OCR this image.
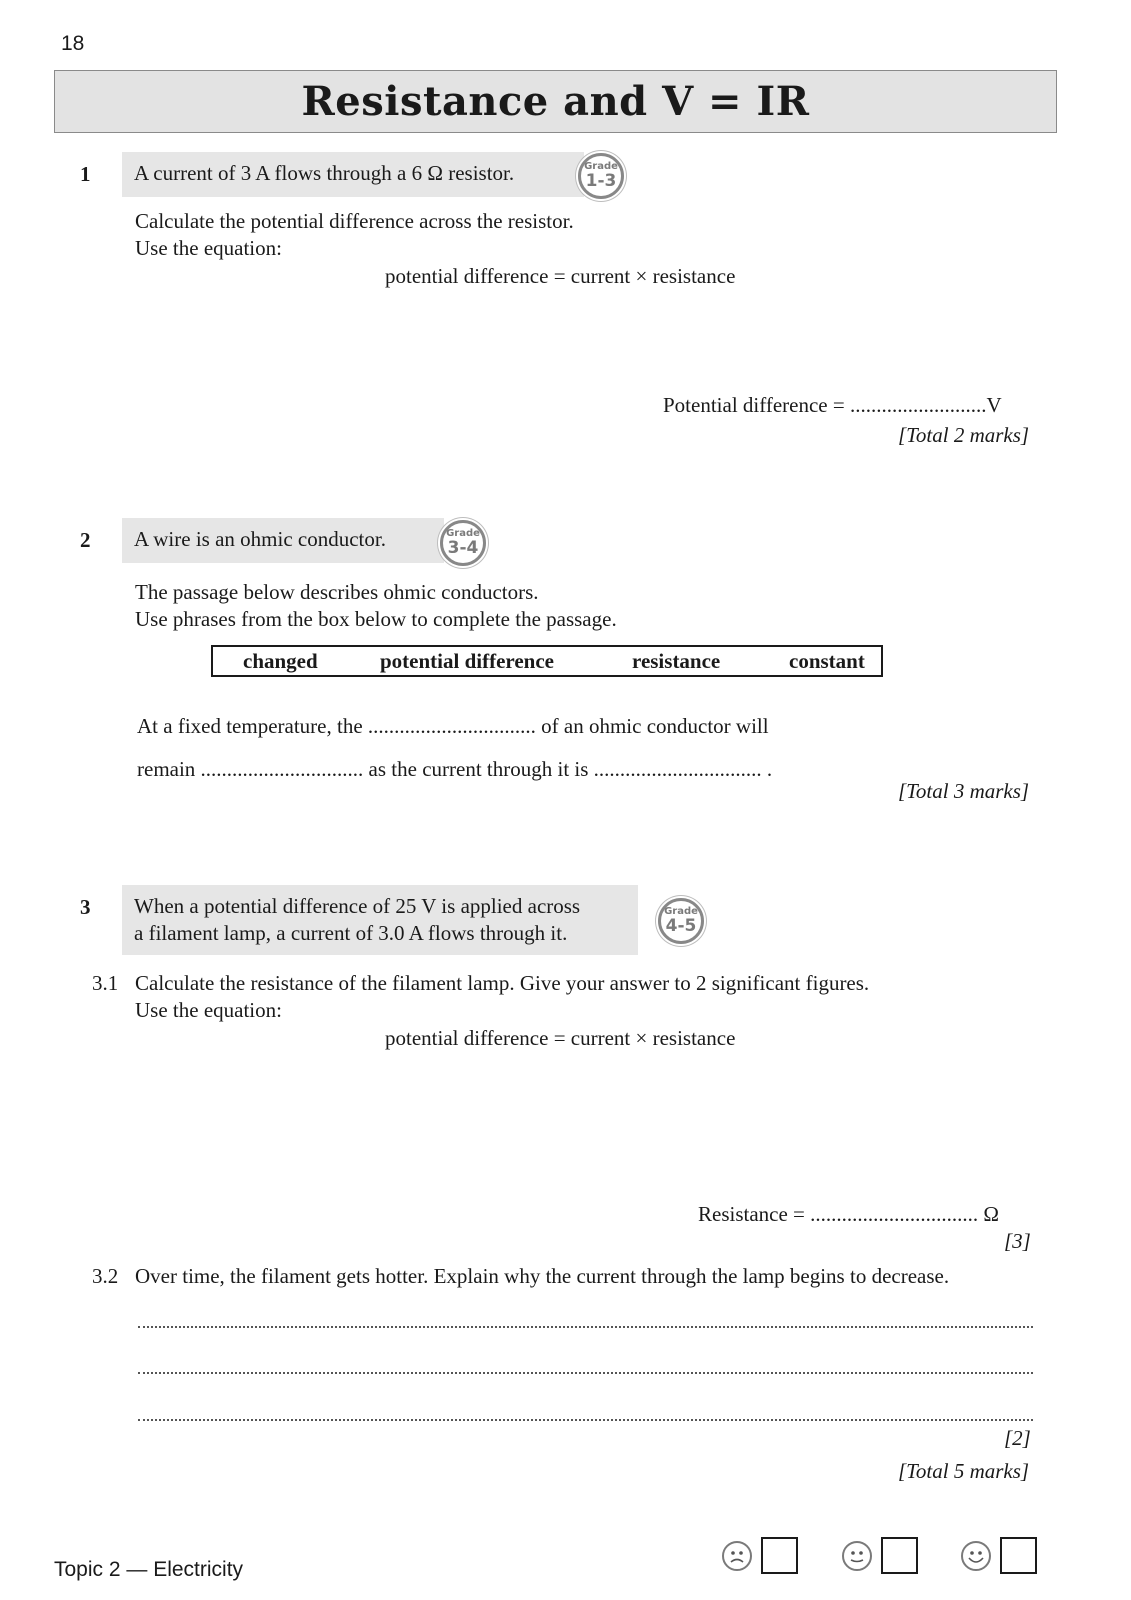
18
Resistance and V = IR
1	A current of 3 A flows through a 6 Ω resistor.	Grade
1-3
Calculate the potential difference across the resistor.
Use the equation:
potential difference = current × resistance
Potential difference = ..........................V
[Total 2 marks]
2	A wire is an ohmic conductor.	Grade
3-4
The passage below describes ohmic conductors.
Use phrases from the box below to complete the passage.
changed	potential difference	resistance	constant
At a fixed temperature, the ................................ of an ohmic conductor will
remain ............................... as the current through it is ................................ .
[Total 3 marks]
3 When a potential difference of 25 V is applied across
a filament lamp, a current of 3.0 A flows through it.
Grade
4-5
3.1 Calculate the resistance of the filament lamp. Give your answer to 2 significant figures.
Use the equation:
potential difference = current × resistance
Resistance = ................................ Ω
[3]
3.2 Over time, the filament gets hotter. Explain why the current through the lamp begins to decrease.
[2]
[Total 5 marks]
Topic 2 — Electricity
